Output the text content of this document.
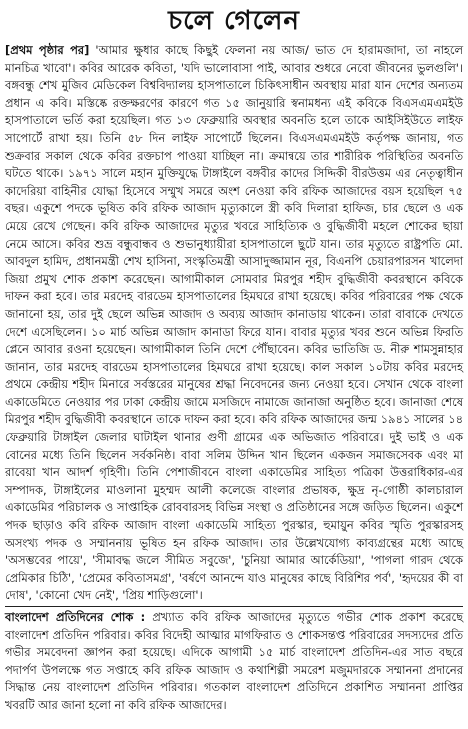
চলে গেলেন

[প্রথম পৃষ্ঠার পর] 'আমার ক্ষুধার কাছে কিছুই ফেলনা নয় আজ/ ভাত দে হারামজাদা, তা নাহলে মানচিত্র খাবো'। কবির আরেক কবিতা, 'যদি ভালোবাসা পাই, আবার শুধরে নেবো জীবনের ভুলগুলি'। বঙ্গবন্ধু শেখ মুজিব মেডিকেল বিশ্ববিদ্যালয় হাসপাতালে চিকিৎসাধীন অবস্থায় মারা যান দেশের অন্যতম প্রধান এ কবি। মস্তিষ্কে রক্তক্ষরণের কারণে গত ১৫ জানুয়ারি স্বনামধন্য এই কবিকে বিএসএমএমইউ হাসপাতালে ভর্তি করা হয়েছিল। গত ১৩ ফেব্রুয়ারি অবস্থার অবনতি হলে তাকে আইসিইউতে লাইফ সাপোর্টে রাখা হয়। তিনি ৫৮ দিন লাইফ সাপোর্টে ছিলেন। বিএসএমএমইউ কর্তৃপক্ষ জানায়, গত শুক্রবার সকাল থেকে কবির রক্তচাপ পাওয়া যাচ্ছিল না। ক্রমান্বয়ে তার শারীরিক পরিস্থিতির অবনতি ঘটতে থাকে। ১৯৭১ সালে মহান মুক্তিযুদ্ধে টাঙ্গাইলে বঙ্গবীর কাদের সিদ্দিকী বীরউত্তম এর নেতৃত্বাধীন কাদেরিয়া বাহিনীর যোদ্ধা হিসেবে সম্মুখ সমরে অংশ নেওয়া কবি রফিক আজাদের বয়স হয়েছিল ৭৫ বছর। একুশে পদকে ভূষিত কবি রফিক আজাদ মৃত্যুকালে স্ত্রী কবি দিলারা হাফিজ, চার ছেলে ও এক মেয়ে রেখে গেছেন। কবি রফিক আজাদের মৃত্যুর খবরে সাহিত্যিক ও বুদ্ধিজীবী মহলে শোকের ছায়া নেমে আসে। কবির শুভ্র বন্ধুবান্ধব ও শুভানুধ্যায়ীরা হাসপাতালে ছুটে যান। তার মৃত্যুতে রাষ্ট্রপতি মো. আবদুল হামিদ, প্রধানমন্ত্রী শেখ হাসিনা, সংস্কৃতিমন্ত্রী আসাদুজ্জামান নূর, বিএনপি চেয়ারপারসন খালেদা জিয়া প্রমুখ শোক প্রকাশ করেছেন। আগামীকাল সোমবার মিরপুর শহীদ বুদ্ধিজীবী কবরস্থানে কবিকে দাফন করা হবে। তার মরদেহ বারডেম হাসপাতালের হিমঘরে রাখা হয়েছে। কবির পরিবারের পক্ষ থেকে জানানো হয়, তার দুই ছেলে অভিন্ন আজাদ ও অব্যয় আজাদ কানাডায় থাকেন। তারা বাবাকে দেখতে দেশে এসেছিলেন। ১০ মার্চ অভিন্ন আজাদ কানাডা ফিরে যান। বাবার মৃত্যুর খবর শুনে অভিন্ন ফিরতি প্লেনে আবার রওনা হয়েছেন। আগামীকাল তিনি দেশে পৌঁছাবেন। কবির ভাতিজি ড. নীরু শামসুন্নাহার জানান, তার মরদেহ বারডেম হাসপাতালের হিমঘরে রাখা হয়েছে। কাল সকাল ১০টায় কবির মরদেহ প্রথমে কেন্দ্রীয় শহীদ মিনারে সর্বস্তরের মানুষের শ্রদ্ধা নিবেদনের জন্য নেওয়া হবে। সেখান থেকে বাংলা একাডেমিতে নেওয়ার পর ঢাকা কেন্দ্রীয় জামে মসজিদে নামাজে জানাজা অনুষ্ঠিত হবে। জানাজা শেষে মিরপুর শহীদ বুদ্ধিজীবী কবরস্থানে তাকে দাফন করা হবে। কবি রফিক আজাদের জন্ম ১৯৪১ সালের ১৪ ফেব্রুয়ারি টাঙ্গাইল জেলার ঘাটাইল থানার গুণী গ্রামের এক অভিজাত পরিবারে। দুই ভাই ও এক বোনের মধ্যে তিনি ছিলেন সর্বকনিষ্ঠ। বাবা সলিম উদ্দিন খান ছিলেন একজন সমাজসেবক এবং মা রাবেয়া খান আদর্শ গৃহিণী। তিনি পেশাজীবনে বাংলা একাডেমির সাহিত্য পত্রিকা উত্তরাধিকার-এর সম্পাদক, টাঙ্গাইলের মাওলানা মুহম্মদ আলী কলেজে বাংলার প্রভাষক, ক্ষুদ্র নৃ-গোষ্ঠী কালচারাল একাডেমির পরিচালক ও সাপ্তাহিক রোববারসহ বিভিন্ন সংস্থা ও প্রতিষ্ঠানের সঙ্গে জড়িত ছিলেন। একুশে পদক ছাড়াও কবি রফিক আজাদ বাংলা একাডেমি সাহিত্য পুরস্কার, হুমায়ুন কবির স্মৃতি পুরস্কারসহ অসংখ্য পদক ও সম্মাননায় ভূষিত হন রফিক আজাদ। তার উল্লেখযোগ্য কাব্যগ্রন্থের মধ্যে আছে 'অসম্ভবের পায়ে', 'সীমাবদ্ধ জলে সীমিত সবুজে', 'চুনিয়া আমার আর্কেডিয়া', 'পাগলা গারদ থেকে প্রেমিকার চিঠি', 'প্রেমের কবিতাসমগ্র', 'বর্ষণে আনন্দে যাও মানুষের কাছে বিরিশির পর্ব', 'হৃদয়ের কী বা দোষ', 'কোনো খেদ নেই', 'প্রিয় শাড়িগুলো'।

বাংলাদেশ প্রতিদিনের শোক : প্রখ্যাত কবি রফিক আজাদের মৃত্যুতে গভীর শোক প্রকাশ করেছে বাংলাদেশ প্রতিদিন পরিবার। কবির বিদেহী আত্মার মাগফিরাত ও শোকসন্তপ্ত পরিবারের সদস্যদের প্রতি গভীর সমবেদনা জ্ঞাপন করা হয়েছে। এদিকে আগামী ১৫ মার্চ বাংলাদেশ প্রতিদিন-এর সাত বছরে পদার্পণ উপলক্ষে গত সপ্তাহে কবি রফিক আজাদ ও কথাশিল্পী সমরেশ মজুমদারকে সম্মাননা প্রদানের সিদ্ধান্ত নেয় বাংলাদেশ প্রতিদিন পরিবার। গতকাল বাংলাদেশ প্রতিদিনে প্রকাশিত সম্মাননা প্রাপ্তির খবরটি আর জানা হলো না কবি রফিক আজাদের।
